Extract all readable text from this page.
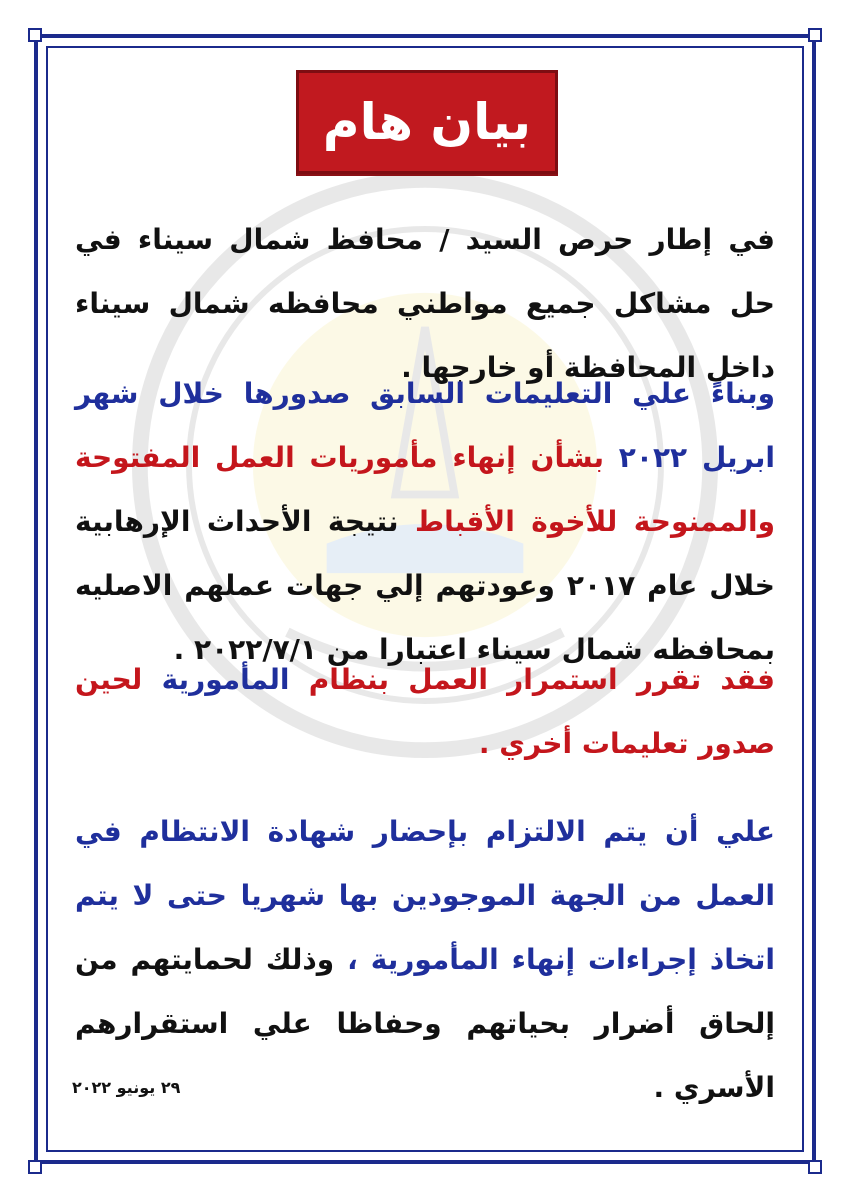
بيان هام

في إطار حرص السيد / محافظ شمال سيناء في حل مشاكل جميع مواطني محافظه شمال سيناء داخل المحافظة أو خارجها .

وبناءً علي التعليمات السابق صدورها خلال شهر ابريل ٢٠٢٢ بشأن إنهاء مأموريات العمل المفتوحة والممنوحة للأخوة الأقباط نتيجة الأحداث الإرهابية خلال عام ٢٠١٧ وعودتهم إلي جهات عملهم الاصليه بمحافظه شمال سيناء اعتبارا من ٢٠٢٢/٧/١ .

فقد تقرر استمرار العمل بنظام المأمورية لحين صدور تعليمات أخري .

علي أن يتم الالتزام بإحضار شهادة الانتظام في العمل من الجهة الموجودين بها شهريا حتى لا يتم اتخاذ إجراءات إنهاء المأمورية ، وذلك لحمايتهم من إلحاق أضرار بحياتهم وحفاظا علي استقرارهم الأسري .

٢٩ يونيو ٢٠٢٢
